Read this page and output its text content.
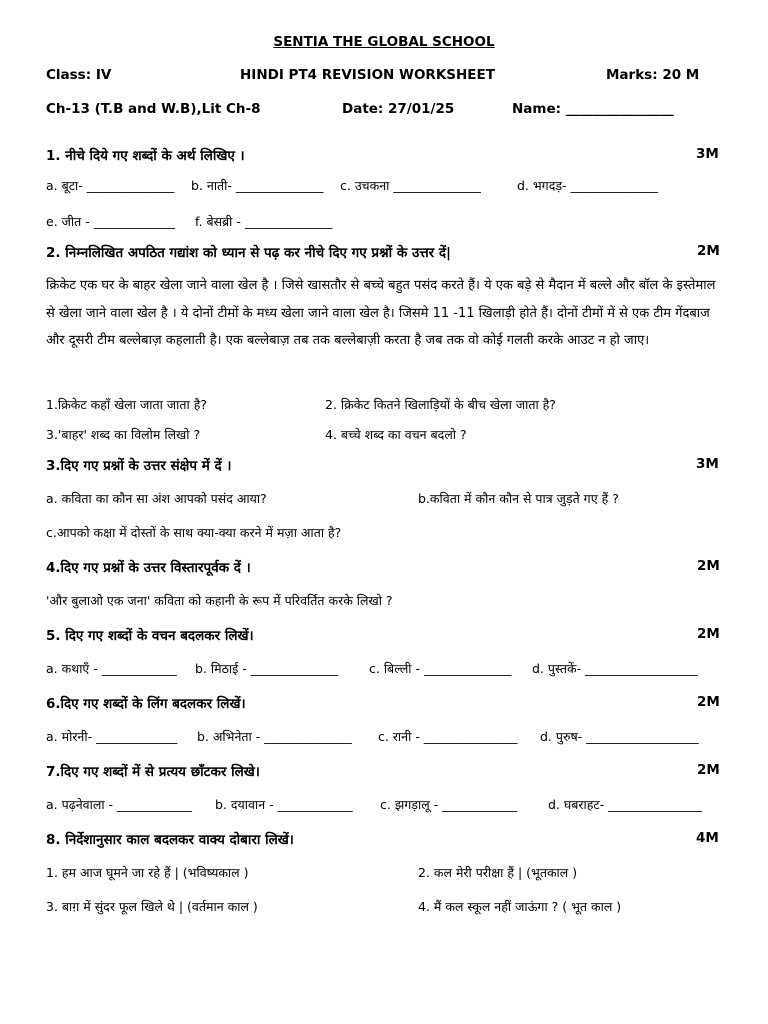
SENTIA THE GLOBAL SCHOOL
Class: IV	HINDI PT4 REVISION WORKSHEET	Marks: 20 M
Ch-13 (T.B and W.B),Lit Ch-8	Date: 27/01/25	Name: ________________
1. नीचे दिये गए शब्दों के अर्थ लिखिए ।	3M
a. बूटा- ______________ b. नाती- ______________ c. उचकना ______________	d. भगदड़- ______________
e. जीत - _____________ f. बेसब्री - ______________
2. निम्नलिखित अपठित गद्यांश को ध्यान से पढ़ कर नीचे दिए गए प्रश्नों के उत्तर दें|	2M
क्रिकेट एक घर के बाहर खेला जाने वाला खेल है । जिसे खासतौर से बच्चे बहुत पसंद करते हैं। ये एक बड़े से मैदान में बल्ले और बॉल के इस्तेमाल से खेला जाने वाला खेल है । ये दोनों टीमों के मध्य खेला जाने वाला खेल है। जिसमे 11 -11 खिलाड़ी होते हैं। दोनों टीमों में से एक टीम गेंदबाज और दूसरी टीम बल्लेबाज़ कहलाती है। एक बल्लेबाज़ तब तक बल्लेबाज़ी करता है जब तक वो कोई गलती करके आउट न हो जाए।
1.क्रिकेट कहाँ खेला जाता जाता है?	2. क्रिकेट कितने खिलाड़ियों के बीच खेला जाता है?
3.'बाहर' शब्द का विलोम लिखो ?	4. बच्चे शब्द का वचन बदलो ?
3.दिए गए प्रश्नों के उत्तर संक्षेप में दें ।	3M
a. कविता का कौन सा अंश आपको पसंद आया?	b.कविता में कौन कौन से पात्र जुड़ते गए हैं ?
c.आपको कक्षा में दोस्तों के साथ क्या-क्या करने में मज़ा आता है?
4.दिए गए प्रश्नों के उत्तर विस्तारपूर्वक दें ।	2M
'और बुलाओ एक जना' कविता को कहानी के रूप में परिवर्तित करके लिखो ?
5. दिए गए शब्दों के वचन बदलकर लिखें।	2M
a. कथाएँ - ____________ b. मिठाई - ______________ c. बिल्ली - ______________ d. पुस्तकें- __________________
6.दिए गए शब्दों के लिंग बदलकर लिखें।	2M
a. मोरनी- _____________ b. अभिनेता - ______________ c. रानी - _______________ d. पुरुष- __________________
7.दिए गए शब्दों में से प्रत्यय छाँटकर लिखे।	2M
a. पढ़नेवाला - ____________ b. दयावान - ____________ c. झगड़ालू - ____________ d. घबराहट- _______________
8. निर्देशानुसार काल बदलकर वाक्य दोबारा लिखें।	4M
1. हम आज घूमने जा रहे हैं | (भविष्यकाल )	2. कल मेरी परीक्षा हैं | (भूतकाल )
3. बाग़ में सुंदर फूल खिले थे | (वर्तमान काल )	4. मैं कल स्कूल नहीं जाऊंगा ? ( भूत काल )
